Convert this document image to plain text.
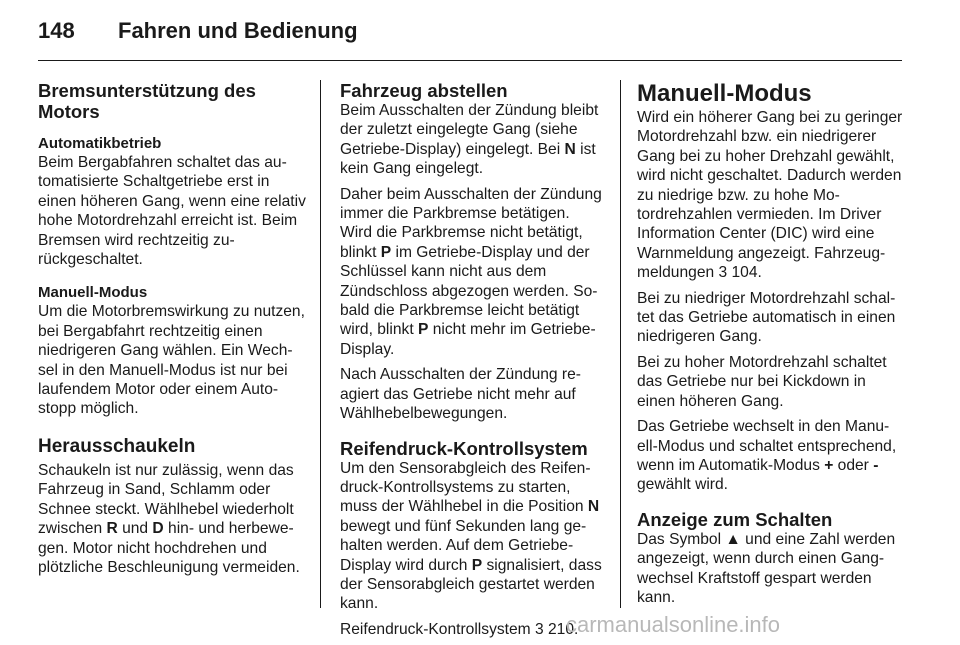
148 Fahren und Bedienung
Bremsunterstützung des Motors
Automatikbetrieb

Beim Bergabfahren schaltet das automatisierte Schaltgetriebe erst in einen höheren Gang, wenn eine relativ hohe Motordrehzahl erreicht ist. Beim Bremsen wird rechtzeitig zurückgeschaltet.

Manuell-Modus

Um die Motorbremswirkung zu nutzen, bei Bergabfahrt rechtzeitig einen niedrigeren Gang wählen. Ein Wechsel in den Manuell-Modus ist nur bei laufendem Motor oder einem Autostopp möglich.

Herausschaukeln

Schaukeln ist nur zulässig, wenn das Fahrzeug in Sand, Schlamm oder Schnee steckt. Wählhebel wiederholt zwischen R und D hin- und herbewegen. Motor nicht hochdrehen und plötzliche Beschleunigung vermeiden.

Fahrzeug abstellen

Beim Ausschalten der Zündung bleibt der zuletzt eingelegte Gang (siehe Getriebe-Display) eingelegt. Bei N ist kein Gang eingelegt.

Daher beim Ausschalten der Zündung immer die Parkbremse betätigen. Wird die Parkbremse nicht betätigt, blinkt P im Getriebe-Display und der Schlüssel kann nicht aus dem Zündschloss abgezogen werden. Sobald die Parkbremse leicht betätigt wird, blinkt P nicht mehr im Getriebe-Display.

Nach Ausschalten der Zündung reagiert das Getriebe nicht mehr auf Wählhebelbewegungen.

Reifendruck-Kontrollsystem

Um den Sensorabgleich des Reifendruck-Kontrollsystems zu starten, muss der Wählhebel in die Position N bewegt und fünf Sekunden lang gehalten werden. Auf dem Getriebe-Display wird durch P signalisiert, dass der Sensorabgleich gestartet werden kann.

Reifendruck-Kontrollsystem 3 210.

Manuell-Modus

Wird ein höherer Gang bei zu geringer Motordrehzahl bzw. ein niedrigerer Gang bei zu hoher Drehzahl gewählt, wird nicht geschaltet. Dadurch werden zu niedrige bzw. zu hohe Motordrehzahlen vermieden. Im Driver Information Center (DIC) wird eine Warnmeldung angezeigt. Fahrzeugmeldungen 3 104.

Bei zu niedriger Motordrehzahl schaltet das Getriebe automatisch in einen niedrigeren Gang.

Bei zu hoher Motordrehzahl schaltet das Getriebe nur bei Kickdown in einen höheren Gang.

Das Getriebe wechselt in den Manuell-Modus und schaltet entsprechend, wenn im Automatik-Modus + oder - gewählt wird.

Anzeige zum Schalten

Das Symbol ▲ und eine Zahl werden angezeigt, wenn durch einen Gangwechsel Kraftstoff gespart werden kann.

carmanualsonline.info
